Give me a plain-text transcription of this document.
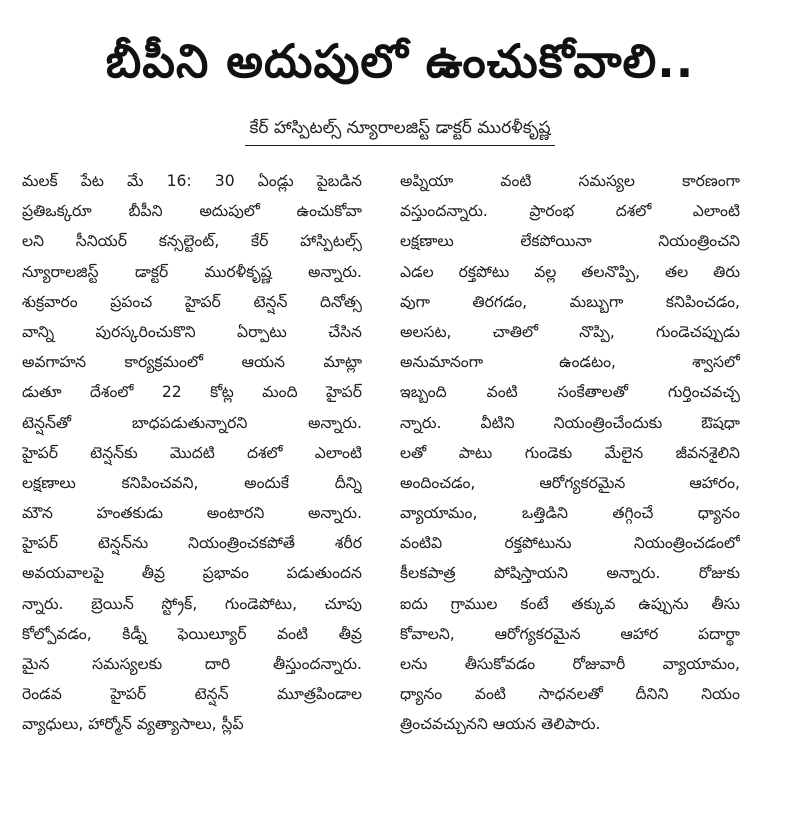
బీపీని అదుపులో ఉంచుకోవాలి..
కేర్ హాస్పిటల్స్ న్యూరాలజిస్ట్ డాక్టర్ మురళీకృష్ణ
మలక్ పేట మే 16: 30 ఏండ్లు పైబడిన
ప్రతిఒక్కరూ బీపీని అదుపులో ఉంచుకోవా
లని సీనియర్ కన్సల్టెంట్, కేర్ హాస్పిటల్స్
న్యూరాలజిస్ట్ డాక్టర్ మురళీకృష్ణ అన్నారు.
శుక్రవారం ప్రపంచ హైపర్ టెన్షన్ దినోత్స
వాన్ని పురస్కరించుకొని ఏర్పాటు చేసిన
అవగాహన కార్యక్రమంలో ఆయన మాట్లా
డుతూ దేశంలో 22 కోట్ల మంది హైపర్
టెన్షన్‌తో బాధపడుతున్నారని అన్నారు.
హైపర్ టెన్షన్‌కు మొదటి దశలో ఎలాంటి
లక్షణాలు కనిపించవని, అందుకే దీన్ని
మౌన హంతకుడు అంటారని అన్నారు.
హైపర్ టెన్షన్‌ను నియంత్రించకపోతే శరీర
అవయవాలపై తీవ్ర ప్రభావం పడుతుందన
న్నారు. బ్రెయిన్ స్ట్రోక్, గుండెపోటు, చూపు
కోల్పోవడం, కిడ్నీ ఫెయిల్యూర్ వంటి తీవ్ర
మైన సమస్యలకు దారి తీస్తుందన్నారు.
రెండవ హైపర్ టెన్షన్ మూత్రపిండాల
వ్యాధులు, హార్మోన్ వ్యత్యాసాలు, స్లీప్
అప్నియా వంటి సమస్యల కారణంగా
వస్తుందన్నారు. ప్రారంభ దశలో ఎలాంటి
లక్షణాలు లేకపోయినా నియంత్రించని
ఎడల రక్తపోటు వల్ల తలనొప్పి, తల తిరు
వుగా తిరగడం, మబ్బుగా కనిపించడం,
అలసట, చాతిలో నొప్పి, గుండెచప్పుడు
అనుమానంగా ఉండటం, శ్వాసలో
ఇబ్బంది వంటి సంకేతాలతో గుర్తించవచ్చ
న్నారు. వీటిని నియంత్రించేందుకు ఔషధా
లతో పాటు గుండెకు మేలైన జీవనశైలిని
అందించడం, ఆరోగ్యకరమైన ఆహారం,
వ్యాయామం, ఒత్తిడిని తగ్గించే ధ్యానం
వంటివి రక్తపోటును నియంత్రించడంలో
కీలకపాత్ర పోషిస్తాయని అన్నారు. రోజుకు
ఐదు గ్రాముల కంటే తక్కువ ఉప్పును తీసు
కోవాలని, ఆరోగ్యకరమైన ఆహార పదార్థా
లను తీసుకోవడం రోజువారీ వ్యాయామం,
ధ్యానం వంటి సాధనలతో దీనిని నియం
త్రించవచ్చునని ఆయన తెలిపారు.
